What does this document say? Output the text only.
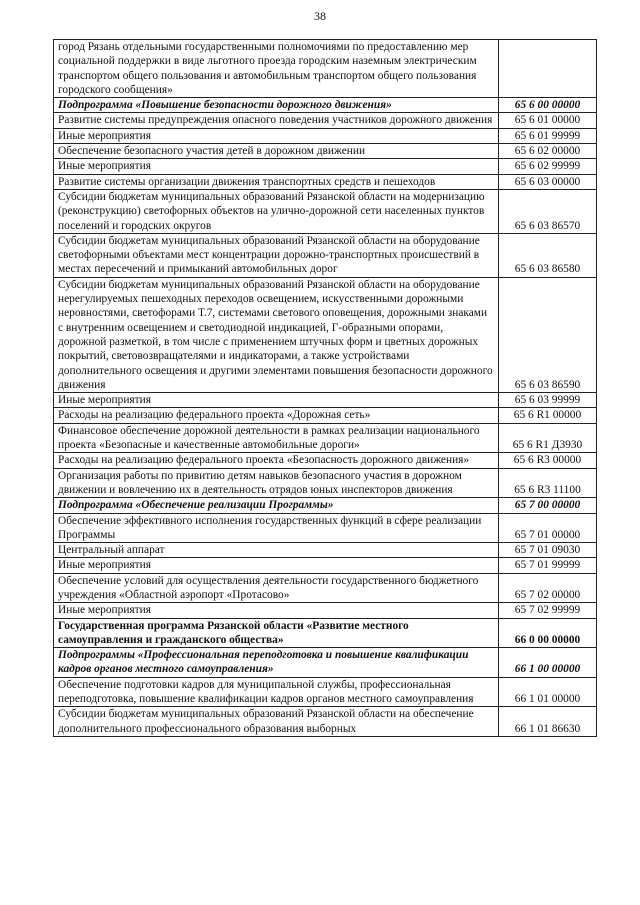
38
город Рязань отдельными государственными полномочиями по предоставлению мер социальной поддержки в виде льготного проезда городским наземным электрическим транспортом общего пользования и автомобильным транспортом общего пользования городского сообщения»	
Подпрограмма «Повышение безопасности дорожного движения»	65 6 00 00000
Развитие системы предупреждения опасного поведения участников дорожного движения	65 6 01 00000
Иные мероприятия	65 6 01 99999
Обеспечение безопасного участия детей в дорожном движении	65 6 02 00000
Иные мероприятия	65 6 02 99999
Развитие системы организации движения транспортных средств и пешеходов	65 6 03 00000
Субсидии бюджетам муниципальных образований Рязанской области на модернизацию (реконструкцию) светофорных объектов на улично-дорожной сети населенных пунктов поселений и городских округов	65 6 03 86570
Субсидии бюджетам муниципальных образований Рязанской области на оборудование светофорными объектами мест концентрации дорожно-транспортных происшествий в местах пересечений и примыканий автомобильных дорог	65 6 03 86580
Субсидии бюджетам муниципальных образований Рязанской области на оборудование нерегулируемых пешеходных переходов освещением, искусственными дорожными неровностями, светофорами Т.7, системами светового оповещения, дорожными знаками с внутренним освещением и светодиодной индикацией, Г-образными опорами, дорожной разметкой, в том числе с применением штучных форм и цветных дорожных покрытий, световозвращателями и индикаторами, а также устройствами дополнительного освещения и другими элементами повышения безопасности дорожного движения	65 6 03 86590
Иные мероприятия	65 6 03 99999
Расходы на реализацию федерального проекта «Дорожная сеть»	65 6 R1 00000
Финансовое обеспечение дорожной деятельности в рамках реализации национального проекта «Безопасные и качественные автомобильные дороги»	65 6 R1 Д3930
Расходы на реализацию федерального проекта «Безопасность дорожного движения»	65 6 R3 00000
Организация работы по привитию детям навыков безопасного участия в дорожном движении и вовлечению их в деятельность отрядов юных инспекторов движения	65 6 R3 11100
Подпрограмма «Обеспечение реализации Программы»	65 7 00 00000
Обеспечение эффективного исполнения государственных функций в сфере реализации Программы	65 7 01 00000
Центральный аппарат	65 7 01 09030
Иные мероприятия	65 7 01 99999
Обеспечение условий для осуществления деятельности государственного бюджетного учреждения «Областной аэропорт «Протасово»	65 7 02 00000
Иные мероприятия	65 7 02 99999
Государственная программа Рязанской области «Развитие местного самоуправления и гражданского общества»	66 0 00 00000
Подпрограммы «Профессиональная переподготовка и повышение квалификации кадров органов местного самоуправления»	66 1 00 00000
Обеспечение подготовки кадров для муниципальной службы, профессиональная переподготовка, повышение квалификации кадров органов местного самоуправления	66 1 01 00000
Субсидии бюджетам муниципальных образований Рязанской области на обеспечение дополнительного профессионального образования выборных	66 1 01 86630
